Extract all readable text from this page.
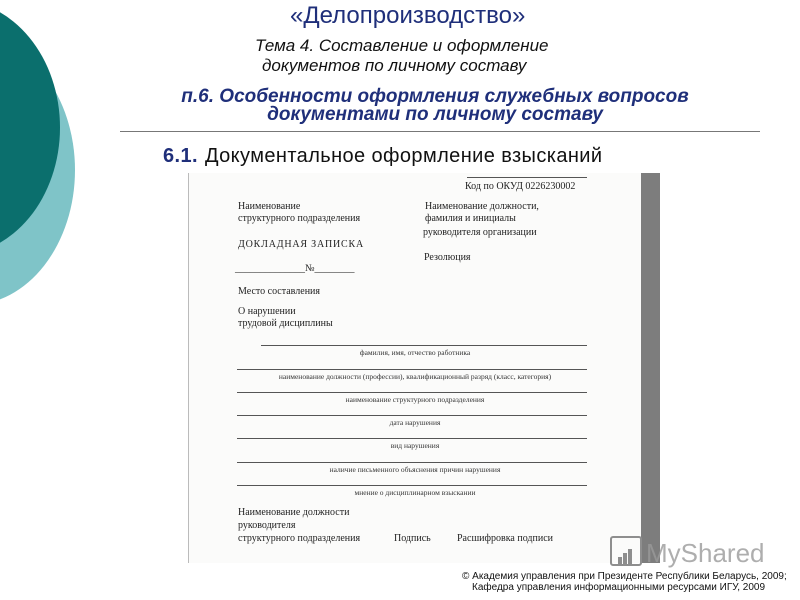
«Делопроизводство»
Тема 4. Составление и оформление
документов по личному составу
п.6. Особенности оформления служебных вопросов
документами по личному составу
6.1. Документальное оформление взысканий
Код по ОКУД 0226230002
Наименование
структурного подразделения
Наименование должности,
фамилия и инициалы
руководителя организации
ДОКЛАДНАЯ ЗАПИСКА
Резолюция
______________№________
Место составления
О нарушении
трудовой дисциплины
фамилия, имя, отчество работника
наименование должности (профессии), квалификационный разряд (класс, категория)
наименование структурного подразделения
дата нарушения
вид нарушения
наличие письменного объяснения причин нарушения
мнение о дисциплинарном взыскании
Наименование должности
руководителя
структурного подразделения	Подпись	Расшифровка подписи	MyShared
© Академия управления при Президенте Республики Беларусь, 2009;
Кафедра управления информационными ресурсами ИГУ, 2009
